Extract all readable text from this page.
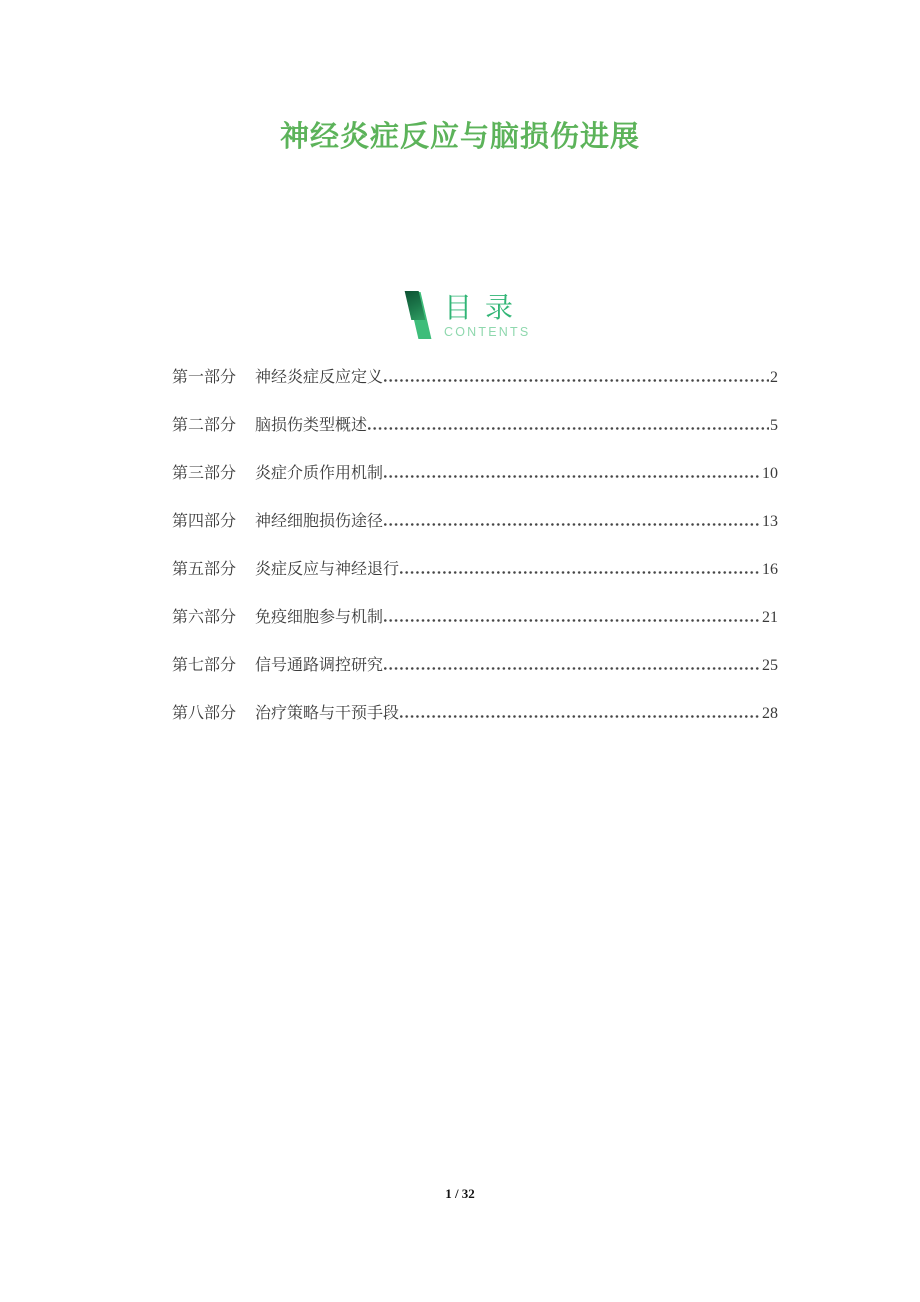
神经炎症反应与脑损伤进展
目 录
CONTENTS
第一部分 神经炎症反应定义	2
第二部分 脑损伤类型概述	5
第三部分 炎症介质作用机制	10
第四部分 神经细胞损伤途径	13
第五部分 炎症反应与神经退行	16
第六部分 免疫细胞参与机制	21
第七部分 信号通路调控研究	25
第八部分 治疗策略与干预手段	28
1 / 32
